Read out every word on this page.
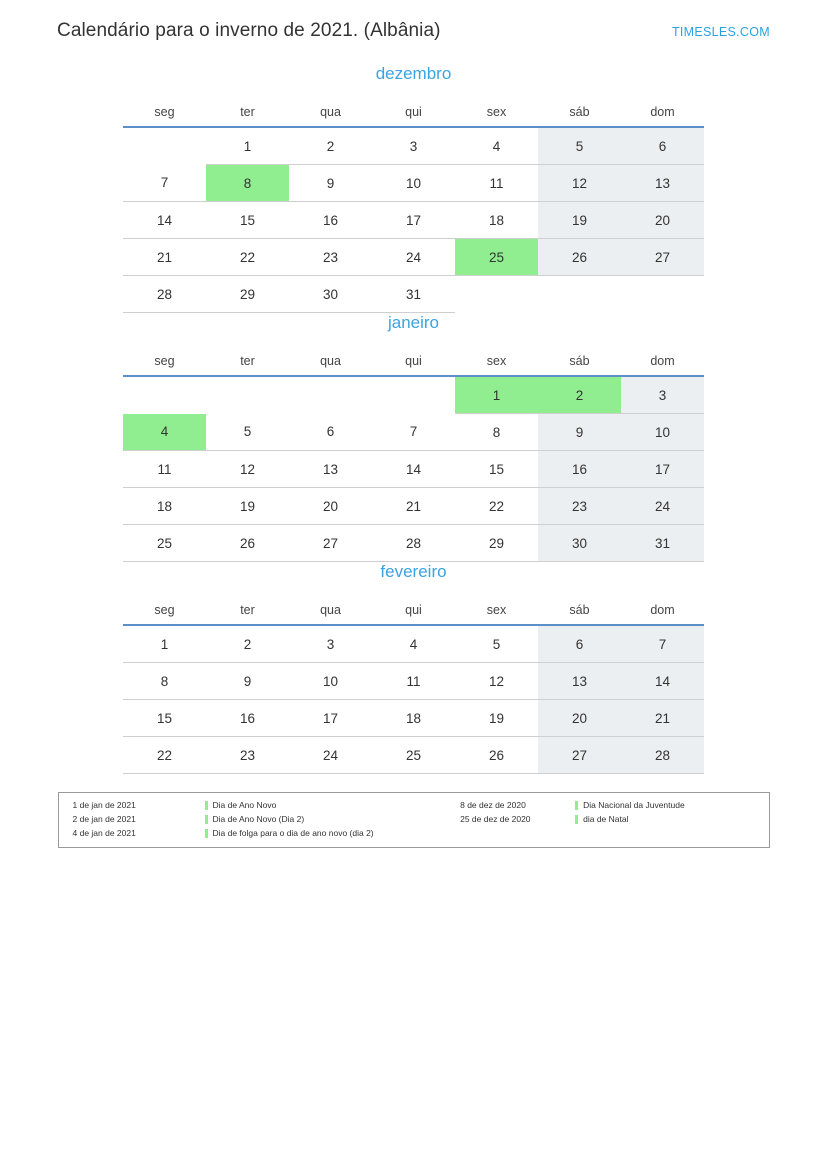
Calendário para o inverno de 2021. (Albânia)	TIMESLES.COM
dezembro
seg	ter	qua	qui	sex	sáb	dom
	1	2	3	4	5	6
7	8	9	10	11	12	13
14	15	16	17	18	19	20
21	22	23	24	25	26	27
28	29	30	31			
janeiro
seg	ter	qua	qui	sex	sáb	dom
				1	2	3
4	5	6	7	8	9	10
11	12	13	14	15	16	17
18	19	20	21	22	23	24
25	26	27	28	29	30	31
fevereiro
seg	ter	qua	qui	sex	sáb	dom
1	2	3	4	5	6	7
8	9	10	11	12	13	14
15	16	17	18	19	20	21
22	23	24	25	26	27	28
1 de jan de 2021	Dia de Ano Novo
2 de jan de 2021	Dia de Ano Novo (Dia 2)
4 de jan de 2021	Dia de folga para o dia de ano novo (dia 2)
8 de dez de 2020	Dia Nacional da Juventude
25 de dez de 2020	dia de Natal
